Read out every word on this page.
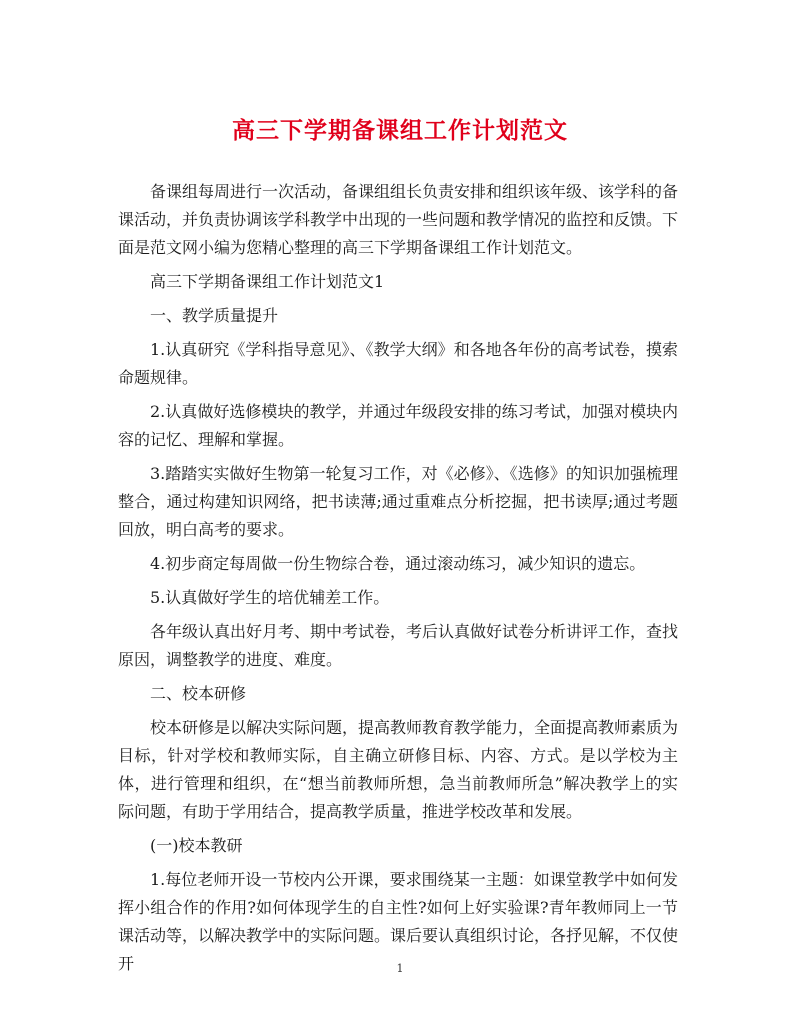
高三下学期备课组工作计划范文

备课组每周进行一次活动，备课组组长负责安排和组织该年级、该学科的备课活动，并负责协调该学科教学中出现的一些问题和教学情况的监控和反馈。下面是范文网小编为您精心整理的高三下学期备课组工作计划范文。

高三下学期备课组工作计划范文1

一、教学质量提升

1.认真研究《学科指导意见》、《教学大纲》和各地各年份的高考试卷，摸索命题规律。

2.认真做好选修模块的教学，并通过年级段安排的练习考试，加强对模块内容的记忆、理解和掌握。

3.踏踏实实做好生物第一轮复习工作，对《必修》、《选修》的知识加强梳理整合，通过构建知识网络，把书读薄;通过重难点分析挖掘，把书读厚;通过考题回放，明白高考的要求。

4.初步商定每周做一份生物综合卷，通过滚动练习，减少知识的遗忘。

5.认真做好学生的培优辅差工作。

各年级认真出好月考、期中考试卷，考后认真做好试卷分析讲评工作，查找原因，调整教学的进度、难度。

二、校本研修

校本研修是以解决实际问题，提高教师教育教学能力，全面提高教师素质为目标，针对学校和教师实际，自主确立研修目标、内容、方式。是以学校为主体，进行管理和组织，在“想当前教师所想，急当前教师所急”解决教学上的实际问题，有助于学用结合，提高教学质量，推进学校改革和发展。

(一)校本教研

1.每位老师开设一节校内公开课，要求围绕某一主题：如课堂教学中如何发挥小组合作的作用?如何体现学生的自主性?如何上好实验课?青年教师同上一节课活动等，以解决教学中的实际问题。课后要认真组织讨论，各抒见解，不仅使开	1
